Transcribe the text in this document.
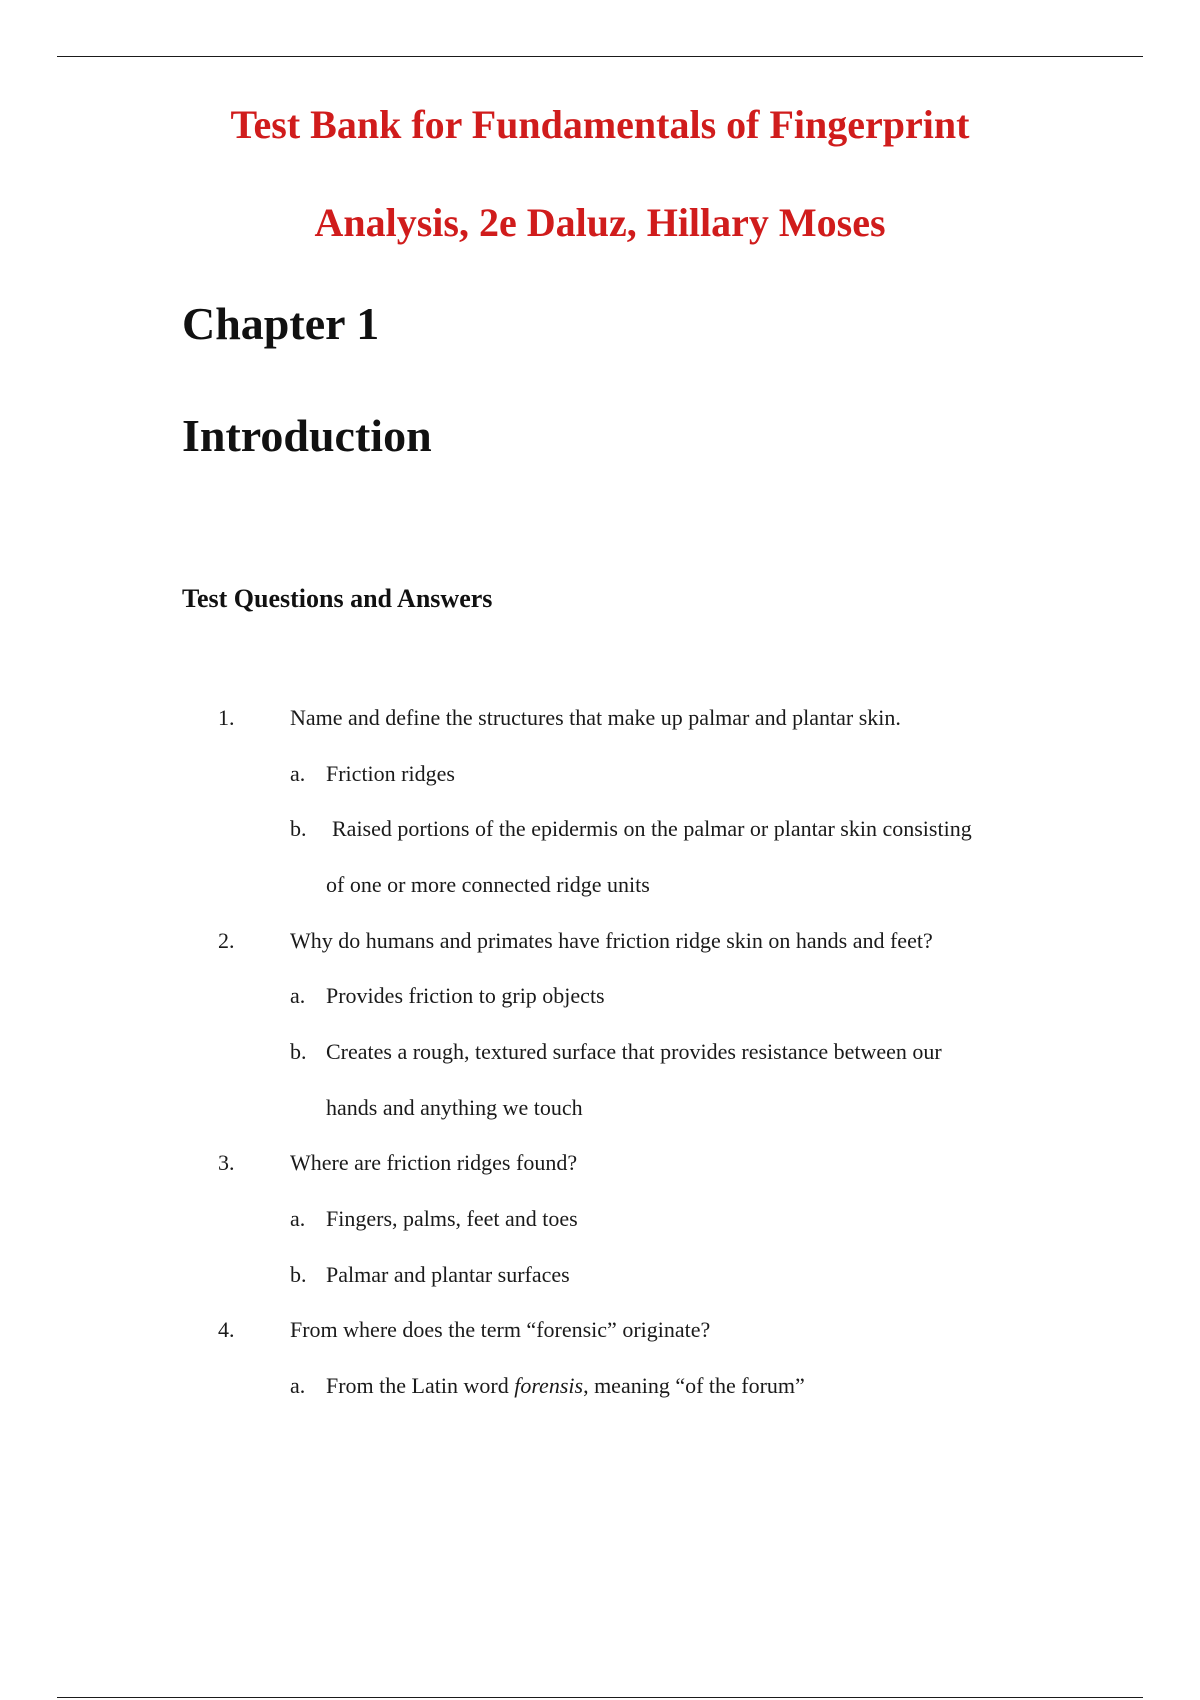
Test Bank for Fundamentals of Fingerprint
Analysis, 2e Daluz, Hillary Moses
Chapter 1
Introduction
Test Questions and Answers
1.	Name and define the structures that make up palmar and plantar skin.
a. Friction ridges
b. Raised portions of the epidermis on the palmar or plantar skin consisting
of one or more connected ridge units
2.	Why do humans and primates have friction ridge skin on hands and feet?
a. Provides friction to grip objects
b. Creates a rough, textured surface that provides resistance between our
hands and anything we touch
3.	Where are friction ridges found?
a. Fingers, palms, feet and toes
b. Palmar and plantar surfaces
4.	From where does the term “forensic” originate?
a. From the Latin word forensis, meaning “of the forum”
